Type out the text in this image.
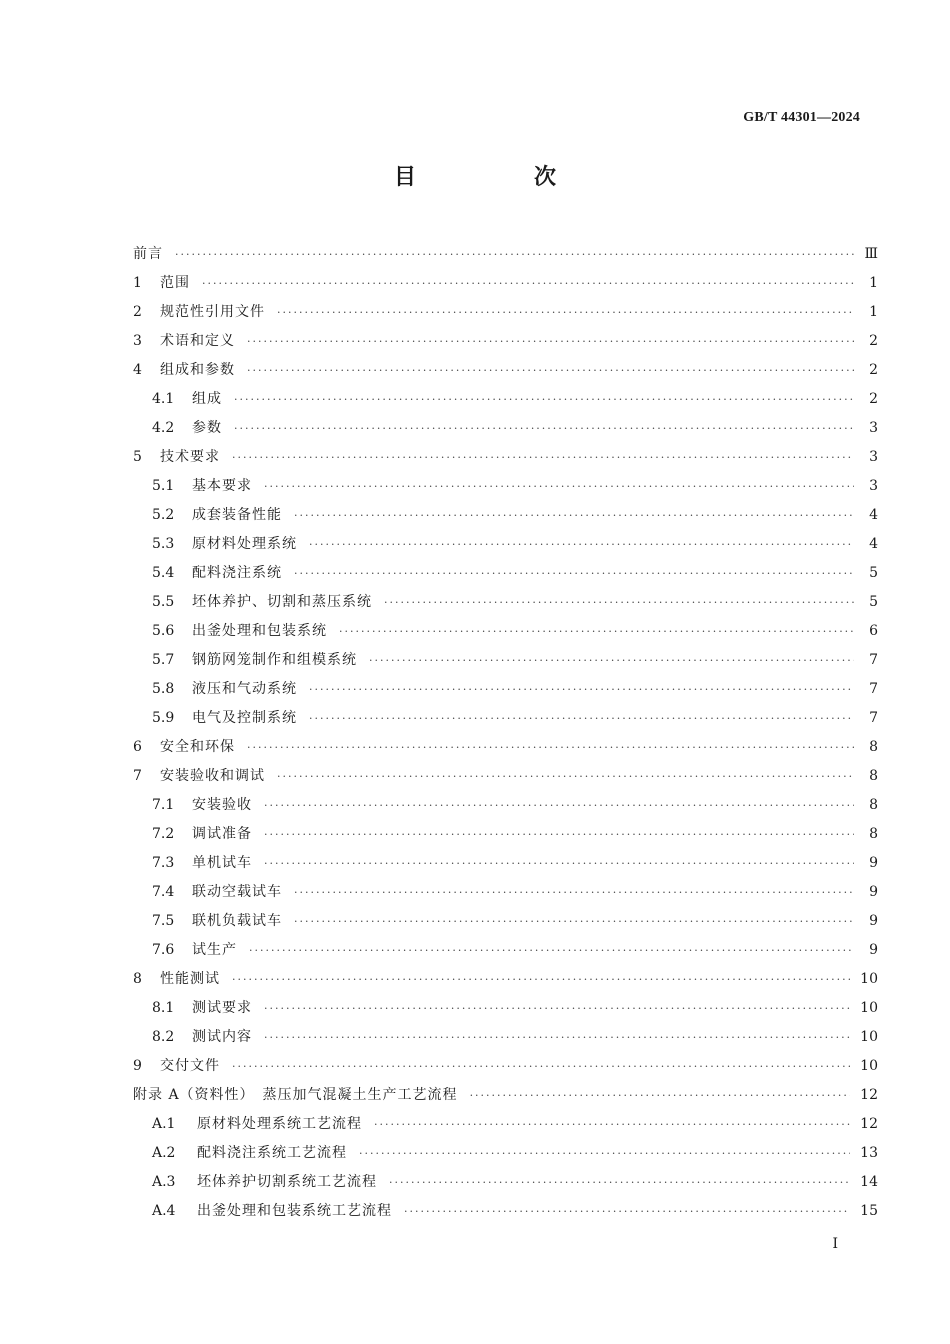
GB/T 44301—2024
目　次
前言 ·····	Ⅲ
1	范围 ·····	1
2	规范性引用文件 ·····	1
3	术语和定义 ·····	2
4	组成和参数 ·····	2
4.1	组成 ·····	2
4.2	参数 ·····	3
5	技术要求 ·····	3
5.1	基本要求 ·····	3
5.2	成套装备性能 ·····	4
5.3	原材料处理系统 ·····	4
5.4	配料浇注系统 ·····	5
5.5	坯体养护、切割和蒸压系统 ·····	5
5.6	出釜处理和包装系统 ·····	6
5.7	钢筋网笼制作和组模系统 ·····	7
5.8	液压和气动系统 ·····	7
5.9	电气及控制系统 ·····	7
6	安全和环保 ·····	8
7	安装验收和调试 ·····	8
7.1	安装验收 ·····	8
7.2	调试准备 ·····	8
7.3	单机试车 ·····	9
7.4	联动空载试车 ·····	9
7.5	联机负载试车 ·····	9
7.6	试生产 ·····	9
8	性能测试 ·····	10
8.1	测试要求 ·····	10
8.2	测试内容 ·····	10
9	交付文件 ·····	10
附录 A（资料性）　蒸压加气混凝土生产工艺流程 ·····	12
A.1	原材料处理系统工艺流程 ·····	12
A.2	配料浇注系统工艺流程 ·····	13
A.3	坯体养护切割系统工艺流程 ·····	14
A.4	出釜处理和包装系统工艺流程 ·····	15
I
